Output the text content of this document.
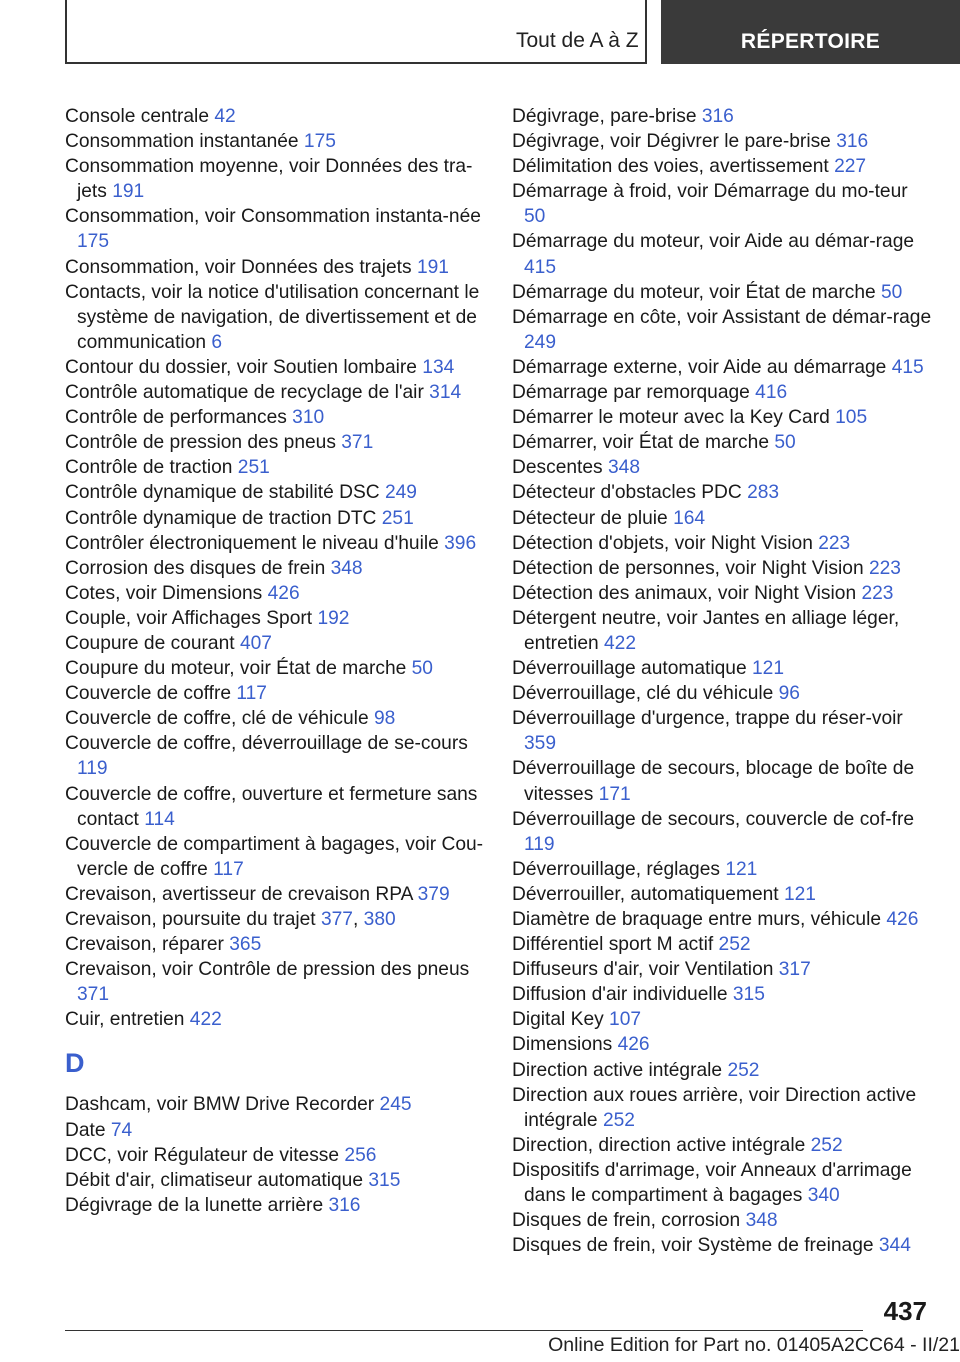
Tout de A à Z	RÉPERTOIRE
Console centrale 42
Consommation instantanée 175
Consommation moyenne, voir Données des tra‐jets 191
Consommation, voir Consommation instanta‐née 175
Consommation, voir Données des trajets 191
Contacts, voir la notice d'utilisation concernant le système de navigation, de divertissement et de communication 6
Contour du dossier, voir Soutien lombaire 134
Contrôle automatique de recyclage de l'air 314
Contrôle de performances 310
Contrôle de pression des pneus 371
Contrôle de traction 251
Contrôle dynamique de stabilité DSC 249
Contrôle dynamique de traction DTC 251
Contrôler électroniquement le niveau d'huile 396
Corrosion des disques de frein 348
Cotes, voir Dimensions 426
Couple, voir Affichages Sport 192
Coupure de courant 407
Coupure du moteur, voir État de marche 50
Couvercle de coffre 117
Couvercle de coffre, clé de véhicule 98
Couvercle de coffre, déverrouillage de se‐cours 119
Couvercle de coffre, ouverture et fermeture sans contact 114
Couvercle de compartiment à bagages, voir Cou‐vercle de coffre 117
Crevaison, avertisseur de crevaison RPA 379
Crevaison, poursuite du trajet 377, 380
Crevaison, réparer 365
Crevaison, voir Contrôle de pression des pneus 371
Cuir, entretien 422
D
Dashcam, voir BMW Drive Recorder 245
Date 74
DCC, voir Régulateur de vitesse 256
Débit d'air, climatiseur automatique 315
Dégivrage de la lunette arrière 316
Dégivrage, pare-brise 316
Dégivrage, voir Dégivrer le pare-brise 316
Délimitation des voies, avertissement 227
Démarrage à froid, voir Démarrage du mo‐teur 50
Démarrage du moteur, voir Aide au démar‐rage 415
Démarrage du moteur, voir État de marche 50
Démarrage en côte, voir Assistant de démar‐rage 249
Démarrage externe, voir Aide au démarrage 415
Démarrage par remorquage 416
Démarrer le moteur avec la Key Card 105
Démarrer, voir État de marche 50
Descentes 348
Détecteur d'obstacles PDC 283
Détecteur de pluie 164
Détection d'objets, voir Night Vision 223
Détection de personnes, voir Night Vision 223
Détection des animaux, voir Night Vision 223
Détergent neutre, voir Jantes en alliage léger, entretien 422
Déverrouillage automatique 121
Déverrouillage, clé du véhicule 96
Déverrouillage d'urgence, trappe du réser‐voir 359
Déverrouillage de secours, blocage de boîte de vitesses 171
Déverrouillage de secours, couvercle de cof‐fre 119
Déverrouillage, réglages 121
Déverrouiller, automatiquement 121
Diamètre de braquage entre murs, véhicule 426
Différentiel sport M actif 252
Diffuseurs d'air, voir Ventilation 317
Diffusion d'air individuelle 315
Digital Key 107
Dimensions 426
Direction active intégrale 252
Direction aux roues arrière, voir Direction active intégrale 252
Direction, direction active intégrale 252
Dispositifs d'arrimage, voir Anneaux d'arrimage dans le compartiment à bagages 340
Disques de frein, corrosion 348
Disques de frein, voir Système de freinage 344
437
Online Edition for Part no. 01405A2CC64 - II/21
